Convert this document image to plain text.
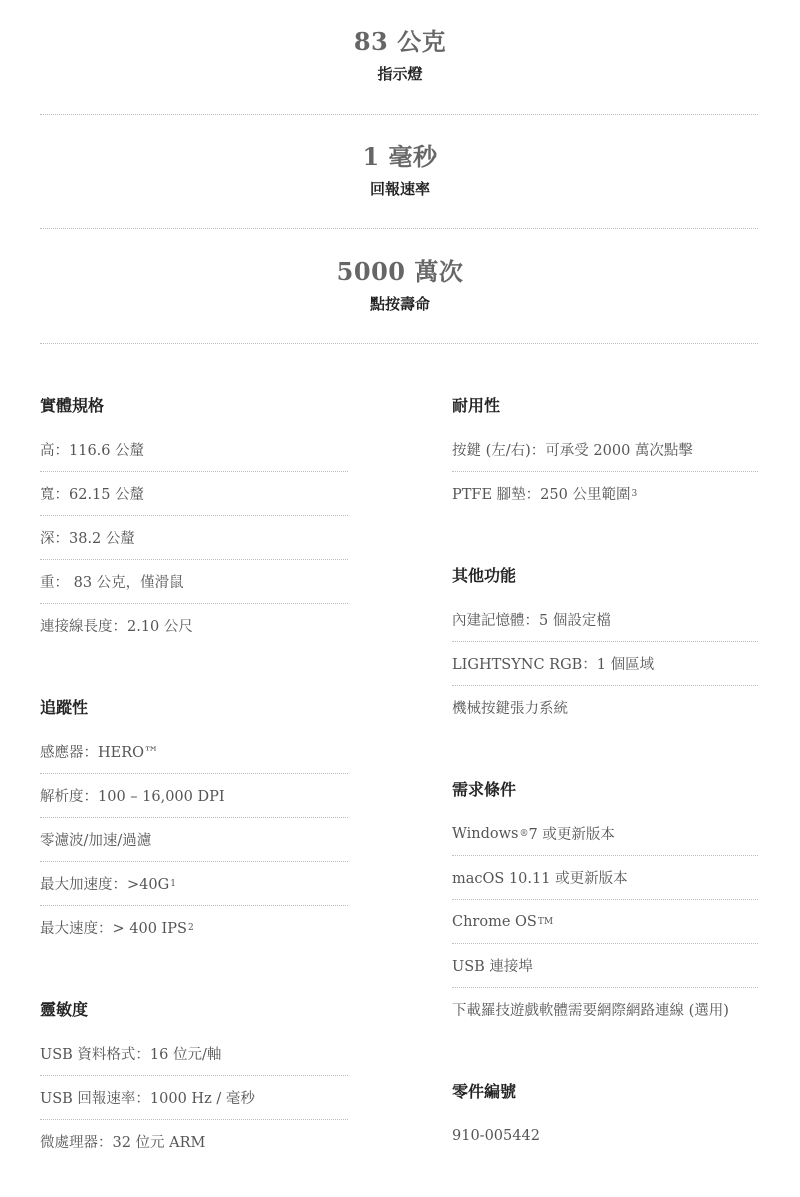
83 公克
指示燈
1 毫秒
回報速率
5000 萬次
點按壽命
實體規格
高：116.6 公釐
寬：62.15 公釐
深：38.2 公釐
重： 83 公克，僅滑鼠
連接線長度：2.10 公尺
追蹤性
感應器：HERO™
解析度：100 – 16,000 DPI
零濾波/加速/過濾
最大加速度：>40G 1
最大速度：> 400 IPS 2
靈敏度
USB 資料格式：16 位元/軸
USB 回報速率：1000 Hz / 毫秒
微處理器：32 位元 ARM
耐用性
按鍵 (左/右)：可承受 2000 萬次點擊
PTFE 腳墊：250 公里範圍 3
其他功能
內建記憶體：5 個設定檔
LIGHTSYNC RGB：1 個區域
機械按鍵張力系統
需求條件
Windows ® 7 或更新版本
macOS 10.11 或更新版本
Chrome OS TM
USB 連接埠
下載羅技遊戲軟體需要網際網路連線 (選用)
零件編號
910-005442
